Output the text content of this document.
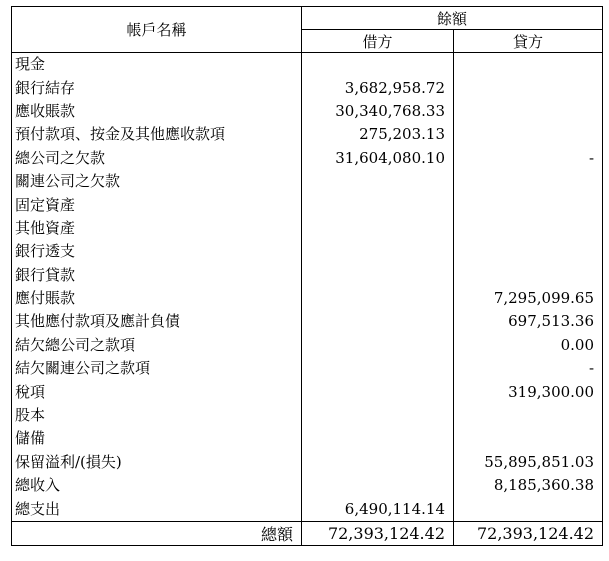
帳戶名稱	餘額	
	借方	貸方
現金		
銀行結存	3,682,958.72	
應收賬款	30,340,768.33	
預付款項、按金及其他應收款項	275,203.13	
總公司之欠款	31,604,080.10	-
關連公司之欠款		
固定資產		
其他資產		
銀行透支		
銀行貸款		
應付賬款		7,295,099.65
其他應付款項及應計負債		697,513.36
結欠總公司之款項		0.00
結欠關連公司之款項		-
稅項		319,300.00
股本		
儲備		
保留溢利/(損失)		55,895,851.03
總收入		8,185,360.38
總支出	6,490,114.14	
總額	72,393,124.42	72,393,124.42
